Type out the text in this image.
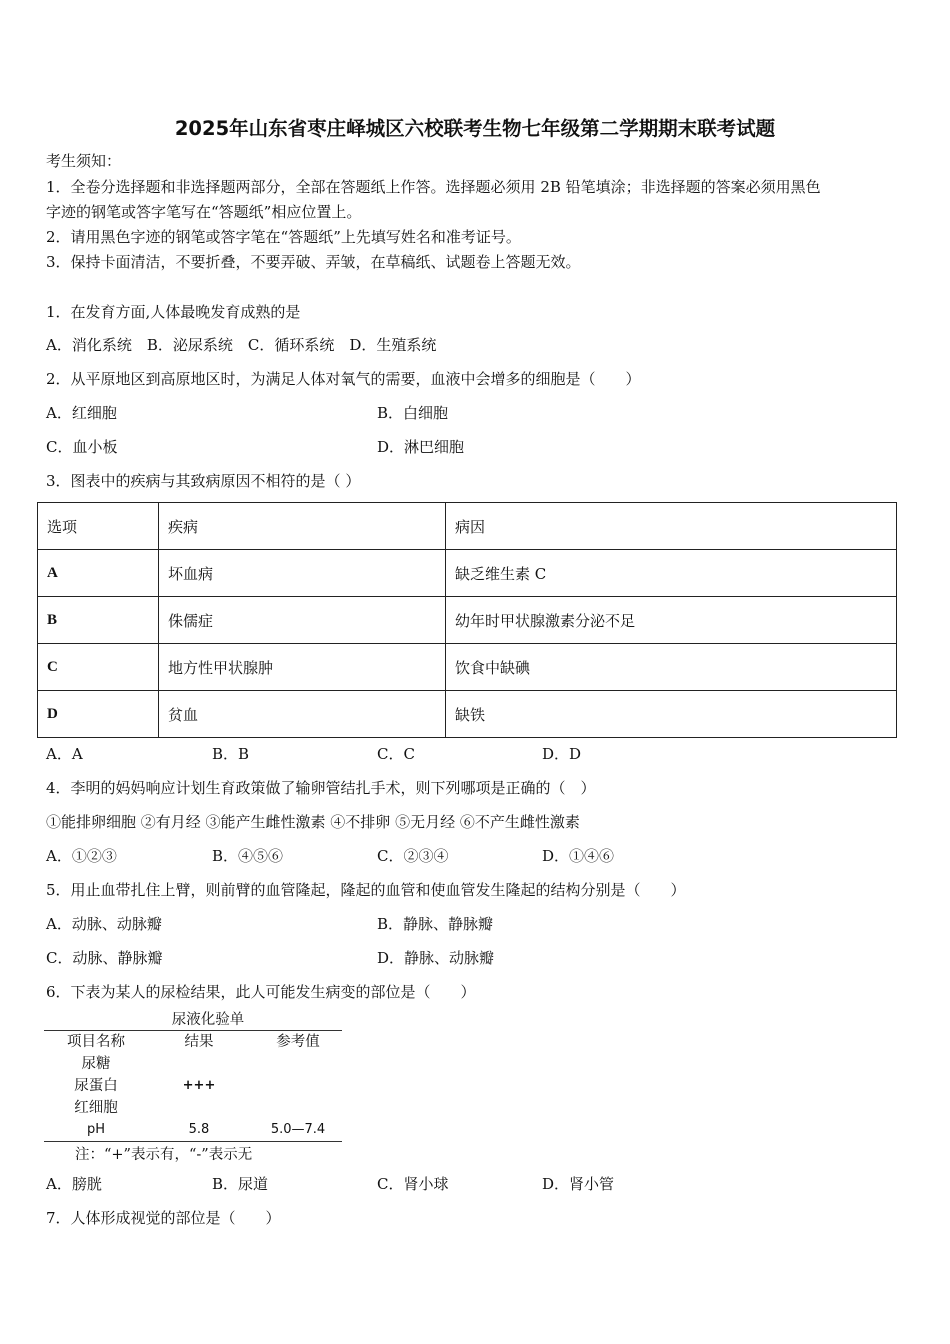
2025年山东省枣庄峄城区六校联考生物七年级第二学期期末联考试题
考生须知：
1．全卷分选择题和非选择题两部分，全部在答题纸上作答。选择题必须用 2B 铅笔填涂；非选择题的答案必须用黑色
字迹的钢笔或答字笔写在“答题纸”相应位置上。
2．请用黑色字迹的钢笔或答字笔在“答题纸”上先填写姓名和准考证号。
3．保持卡面清洁，不要折叠，不要弄破、弄皱，在草稿纸、试题卷上答题无效。
1．在发育方面,人体最晚发育成熟的是
A．消化系统　B．泌尿系统　C．循环系统　D．生殖系统
2．从平原地区到高原地区时，为满足人体对氧气的需要，血液中会增多的细胞是（　　）
A．红细胞	B．白细胞
C．血小板	D．淋巴细胞
3．图表中的疾病与其致病原因不相符的是（ ）
选项	疾病	病因
A	坏血病	缺乏维生素 C
B	侏儒症	幼年时甲状腺激素分泌不足
C	地方性甲状腺肿	饮食中缺碘
D	贫血	缺铁
A．A	B．B	C．C	D．D
4．李明的妈妈响应计划生育政策做了输卵管结扎手术，则下列哪项是正确的（　）
①能排卵细胞 ②有月经 ③能产生雌性激素 ④不排卵 ⑤无月经 ⑥不产生雌性激素
A．①②③	B．④⑤⑥	C．②③④	D．①④⑥
5．用止血带扎住上臂，则前臂的血管隆起，隆起的血管和使血管发生隆起的结构分别是（　　）
A．动脉、动脉瓣	B．静脉、静脉瓣
C．动脉、静脉瓣	D．静脉、动脉瓣
6．下表为某人的尿检结果，此人可能发生病变的部位是（　　）
尿液化验单
项目名称	结果	参考值
尿糖
尿蛋白	+++
红细胞
pH	5.8	5.0—7.4
注：“+”表示有，“-”表示无
A．膀胱	B．尿道	C．肾小球	D．肾小管
7．人体形成视觉的部位是（　　）
